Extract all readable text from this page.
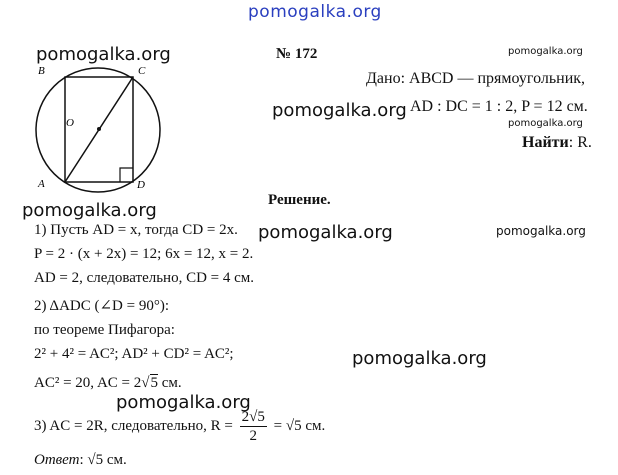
pomogalka.org
pomogalka.org
pomogalka.org
pomogalka.org
pomogalka.org
pomogalka.org
pomogalka.org	pomogalka.org
pomogalka.org
pomogalka.org
B	C
O
A	D
№ 172
Дано: ABCD — прямоугольник,
AD : DC = 1 : 2, P = 12 см.
Найти: R.
Решение.
1) Пусть AD = x, тогда CD = 2x.
P = 2 · (x + 2x) = 12; 6x = 12, x = 2.
AD = 2, следовательно, CD = 4 см.
2) ΔADC (∠D = 90°):
по теореме Пифагора:
2² + 4² = AC²; AD² + CD² = AC²;
AC² = 20, AC = 2√5 см.
3) AC = 2R, следовательно, $R = \frac{2√5}{2} = √5$ см.
Ответ: √5 см.
